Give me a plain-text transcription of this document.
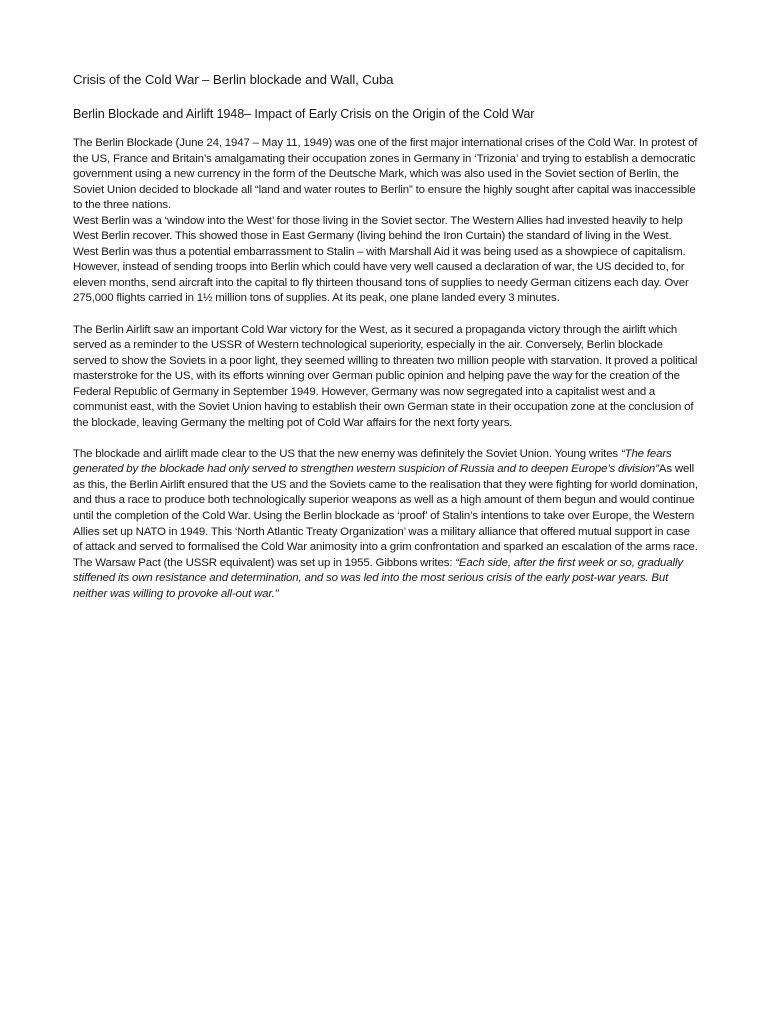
Crisis of the Cold War – Berlin blockade and Wall, Cuba
Berlin Blockade and Airlift 1948– Impact of Early Crisis on the Origin of the Cold War

The Berlin Blockade (June 24, 1947 – May 11, 1949) was one of the first major international crises of the Cold War. In protest of the US, France and Britain’s amalgamating their occupation zones in Germany in ‘Trizonia’ and trying to establish a democratic government using a new currency in the form of the Deutsche Mark, which was also used in the Soviet section of Berlin, the Soviet Union decided to blockade all “land and water routes to Berlin” to ensure the highly sought after capital was inaccessible to the three nations.

West Berlin was a ‘window into the West’ for those living in the Soviet sector. The Western Allies had invested heavily to help West Berlin recover. This showed those in East Germany (living behind the Iron Curtain) the standard of living in the West. West Berlin was thus a potential embarrassment to Stalin – with Marshall Aid it was being used as a showpiece of capitalism. However, instead of sending troops into Berlin which could have very well caused a declaration of war, the US decided to, for eleven months, send aircraft into the capital to fly thirteen thousand tons of supplies to needy German citizens each day. Over 275,000 flights carried in 1½ million tons of supplies. At its peak, one plane landed every 3 minutes.

The Berlin Airlift saw an important Cold War victory for the West, as it secured a propaganda victory through the airlift which served as a reminder to the USSR of Western technological superiority, especially in the air. Conversely, Berlin blockade served to show the Soviets in a poor light, they seemed willing to threaten two million people with starvation. It proved a political masterstroke for the US, with its efforts winning over German public opinion and helping pave the way for the creation of the Federal Republic of Germany in September 1949. However, Germany was now segregated into a capitalist west and a communist east, with the Soviet Union having to establish their own German state in their occupation zone at the conclusion of the blockade, leaving Germany the melting pot of Cold War affairs for the next forty years.

The blockade and airlift made clear to the US that the new enemy was definitely the Soviet Union. Young writes “The fears generated by the blockade had only served to strengthen western suspicion of Russia and to deepen Europe’s division”As well as this, the Berlin Airlift ensured that the US and the Soviets came to the realisation that they were fighting for world domination, and thus a race to produce both technologically superior weapons as well as a high amount of them begun and would continue until the completion of the Cold War. Using the Berlin blockade as ‘proof’ of Stalin’s intentions to take over Europe, the Western Allies set up NATO in 1949. This ‘North Atlantic Treaty Organization’ was a military alliance that offered mutual support in case of attack and served to formalised the Cold War animosity into a grim confrontation and sparked an escalation of the arms race. The Warsaw Pact (the USSR equivalent) was set up in 1955. Gibbons writes: “Each side, after the first week or so, gradually stiffened its own resistance and determination, and so was led into the most serious crisis of the early post-war years. But neither was willing to provoke all-out war.”
